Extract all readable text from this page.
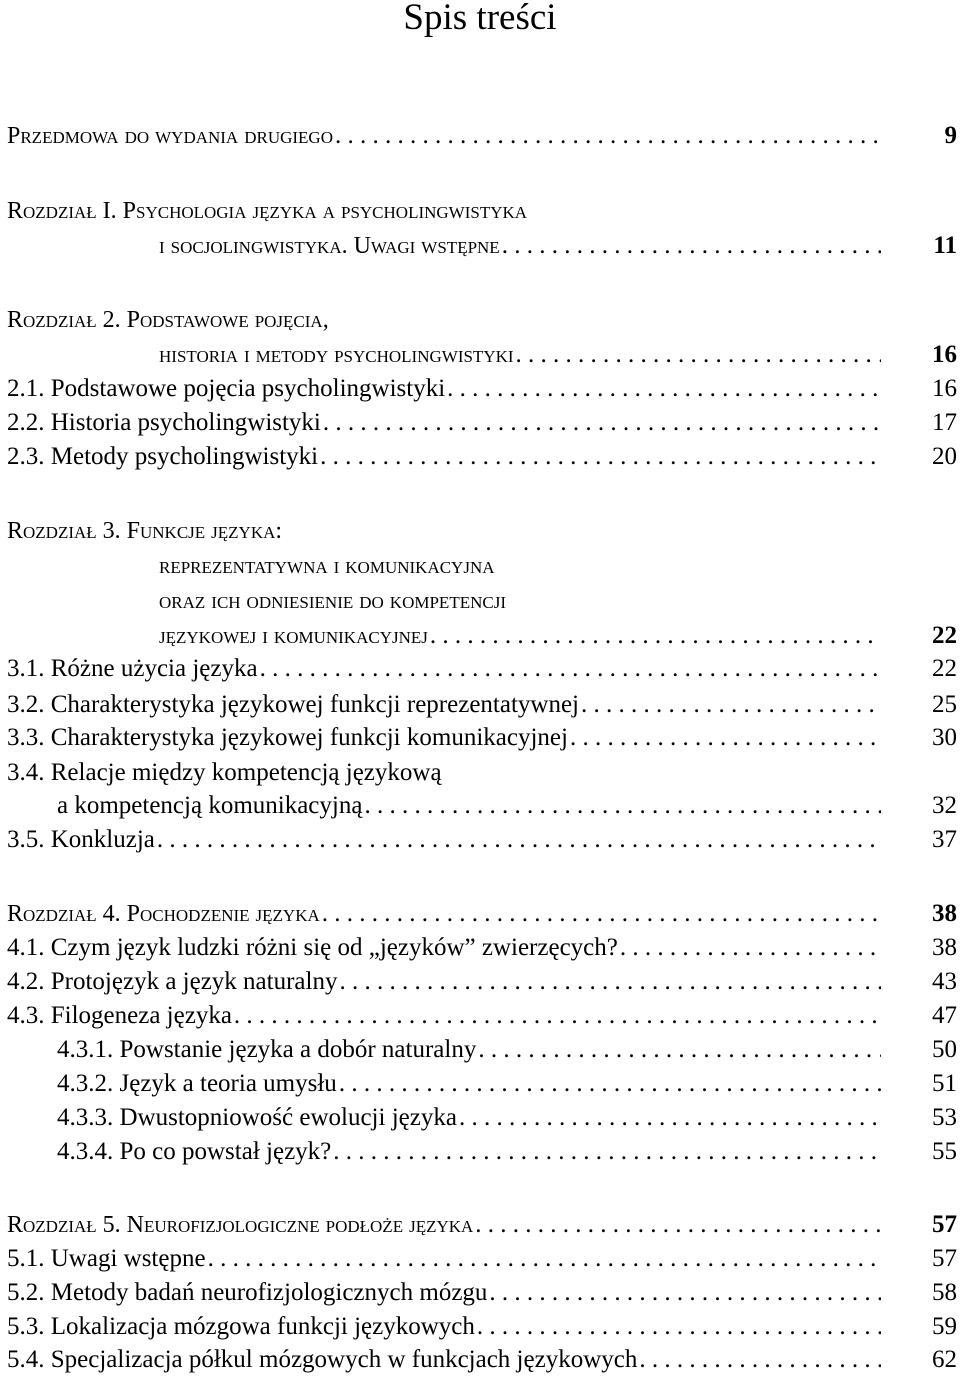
Spis treści
Przedmowa do wydania drugiego . . .	9
Rozdział I. Psychologia języka a psycholingwistyka
i socjolingwistyka. Uwagi wstępne . . .	11
Rozdział 2. Podstawowe pojęcia,
historia i metody psycholingwistyki . . .	16
2.1. Podstawowe pojęcia psycholingwistyki . . .	16
2.2. Historia psycholingwistyki . . .	17
2.3. Metody psycholingwistyki . . .	20
Rozdział 3. Funkcje języka:
reprezentatywna i komunikacyjna
oraz ich odniesienie do kompetencji
językowej i komunikacyjnej . . .	22
3.1. Różne użycia języka . . .	22
3.2. Charakterystyka językowej funkcji reprezentatywnej . . .	25
3.3. Charakterystyka językowej funkcji komunikacyjnej . . .	30
3.4. Relacje między kompetencją językową
a kompetencją komunikacyjną . . .	32
3.5. Konkluzja . . .	37
Rozdział 4. Pochodzenie języka . . .	38
4.1. Czym język ludzki różni się od „języków” zwierzęcych? . . .	38
4.2. Protojęzyk a język naturalny . . .	43
4.3. Filogeneza języka . . .	47
4.3.1. Powstanie języka a dobór naturalny . . .	50
4.3.2. Język a teoria umysłu . . .	51
4.3.3. Dwustopniowość ewolucji języka . . .	53
4.3.4. Po co powstał język? . . .	55
Rozdział 5. Neurofizjologiczne podłoże języka . . .	57
5.1. Uwagi wstępne . . .	57
5.2. Metody badań neurofizjologicznych mózgu . . .	58
5.3. Lokalizacja mózgowa funkcji językowych . . .	59
5.4. Specjalizacja półkul mózgowych w funkcjach językowych . . .	62
